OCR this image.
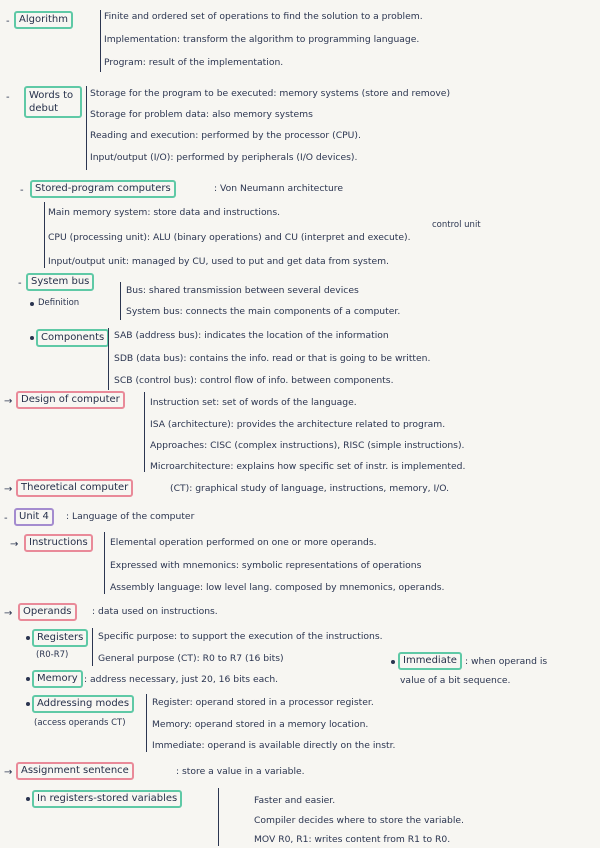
- Algorithm	Finite and ordered set of operations to find the solution to a problem.
Implementation: transform the algorithm to programming language.
Program: result of the implementation.
-	Words to debut
Storage for the program to be executed: memory systems (store and remove)
Storage for problem data: also memory systems
Reading and execution: performed by the processor (CPU).
Input/output (I/O): performed by peripherals (I/O devices).
-	Stored-program computers	: Von Neumann architecture
Main memory system: store data and instructions.
control unit
CPU (processing unit): ALU (binary operations) and CU (interpret and execute).
Input/output unit: managed by CU, used to put and get data from system.
- System bus
Definition
Bus: shared transmission between several devices
System bus: connects the main components of a computer.
Components	SAB (address bus): indicates the location of the information
SDB (data bus): contains the info. read or that is going to be written.
SCB (control bus): control flow of info. between components.
→ Design of computer	Instruction set: set of words of the language.
ISA (architecture): provides the architecture related to program.
Approaches: CISC (complex instructions), RISC (simple instructions).
Microarchitecture: explains how specific set of instr. is implemented.
→ Theoretical computer	(CT): graphical study of language, instructions, memory, I/O.
-	Unit 4	: Language of the computer
→	Instructions	Elemental operation performed on one or more operands.
Expressed with mnemonics: symbolic representations of operations
Assembly language: low level lang. composed by mnemonics, operands.
→	Operands	: data used on instructions.
Registers
(R0-R7)
Specific purpose: to support the execution of the instructions.
General purpose (CT): R0 to R7 (16 bits)	Immediate : when operand is
value of a bit sequence.
Memory : address necessary, just 20, 16 bits each.
Addressing modes
(access operands CT)
Register: operand stored in a processor register.
Memory: operand stored in a memory location.
Immediate: operand is available directly on the instr.
→ Assignment sentence	: store a value in a variable.
In registers-stored variables	Faster and easier.
Compiler decides where to store the variable.
MOV R0, R1: writes content from R1 to R0.
